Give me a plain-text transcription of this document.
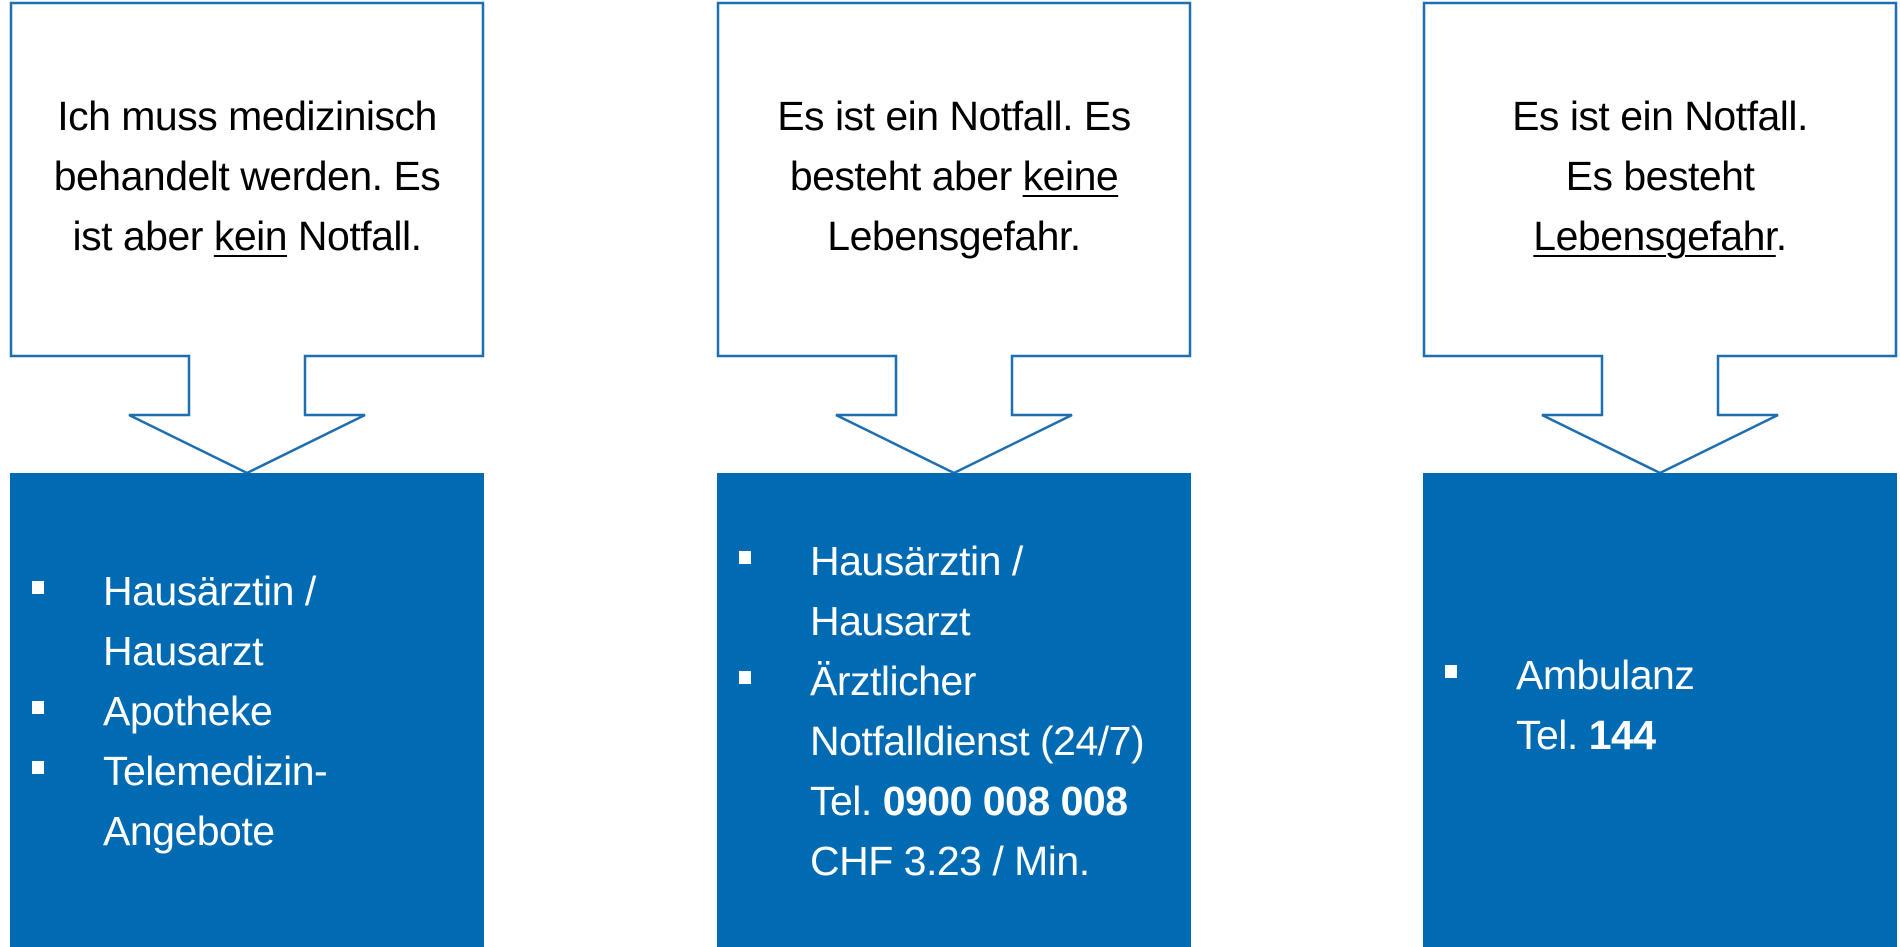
Ich muss medizinisch behandelt werden. Es ist aber kein Notfall.
Hausärztin /
Hausarzt
Apotheke
Telemedizin-
Angebote
Es ist ein Notfall. Es besteht aber keine Lebensgefahr.
Hausärztin /
Hausarzt
Ärztlicher
Notfalldienst (24/7)
Tel. 0900 008 008
CHF 3.23 / Min.
Es ist ein Notfall. Es besteht Lebensgefahr.
Ambulanz
Tel. 144
